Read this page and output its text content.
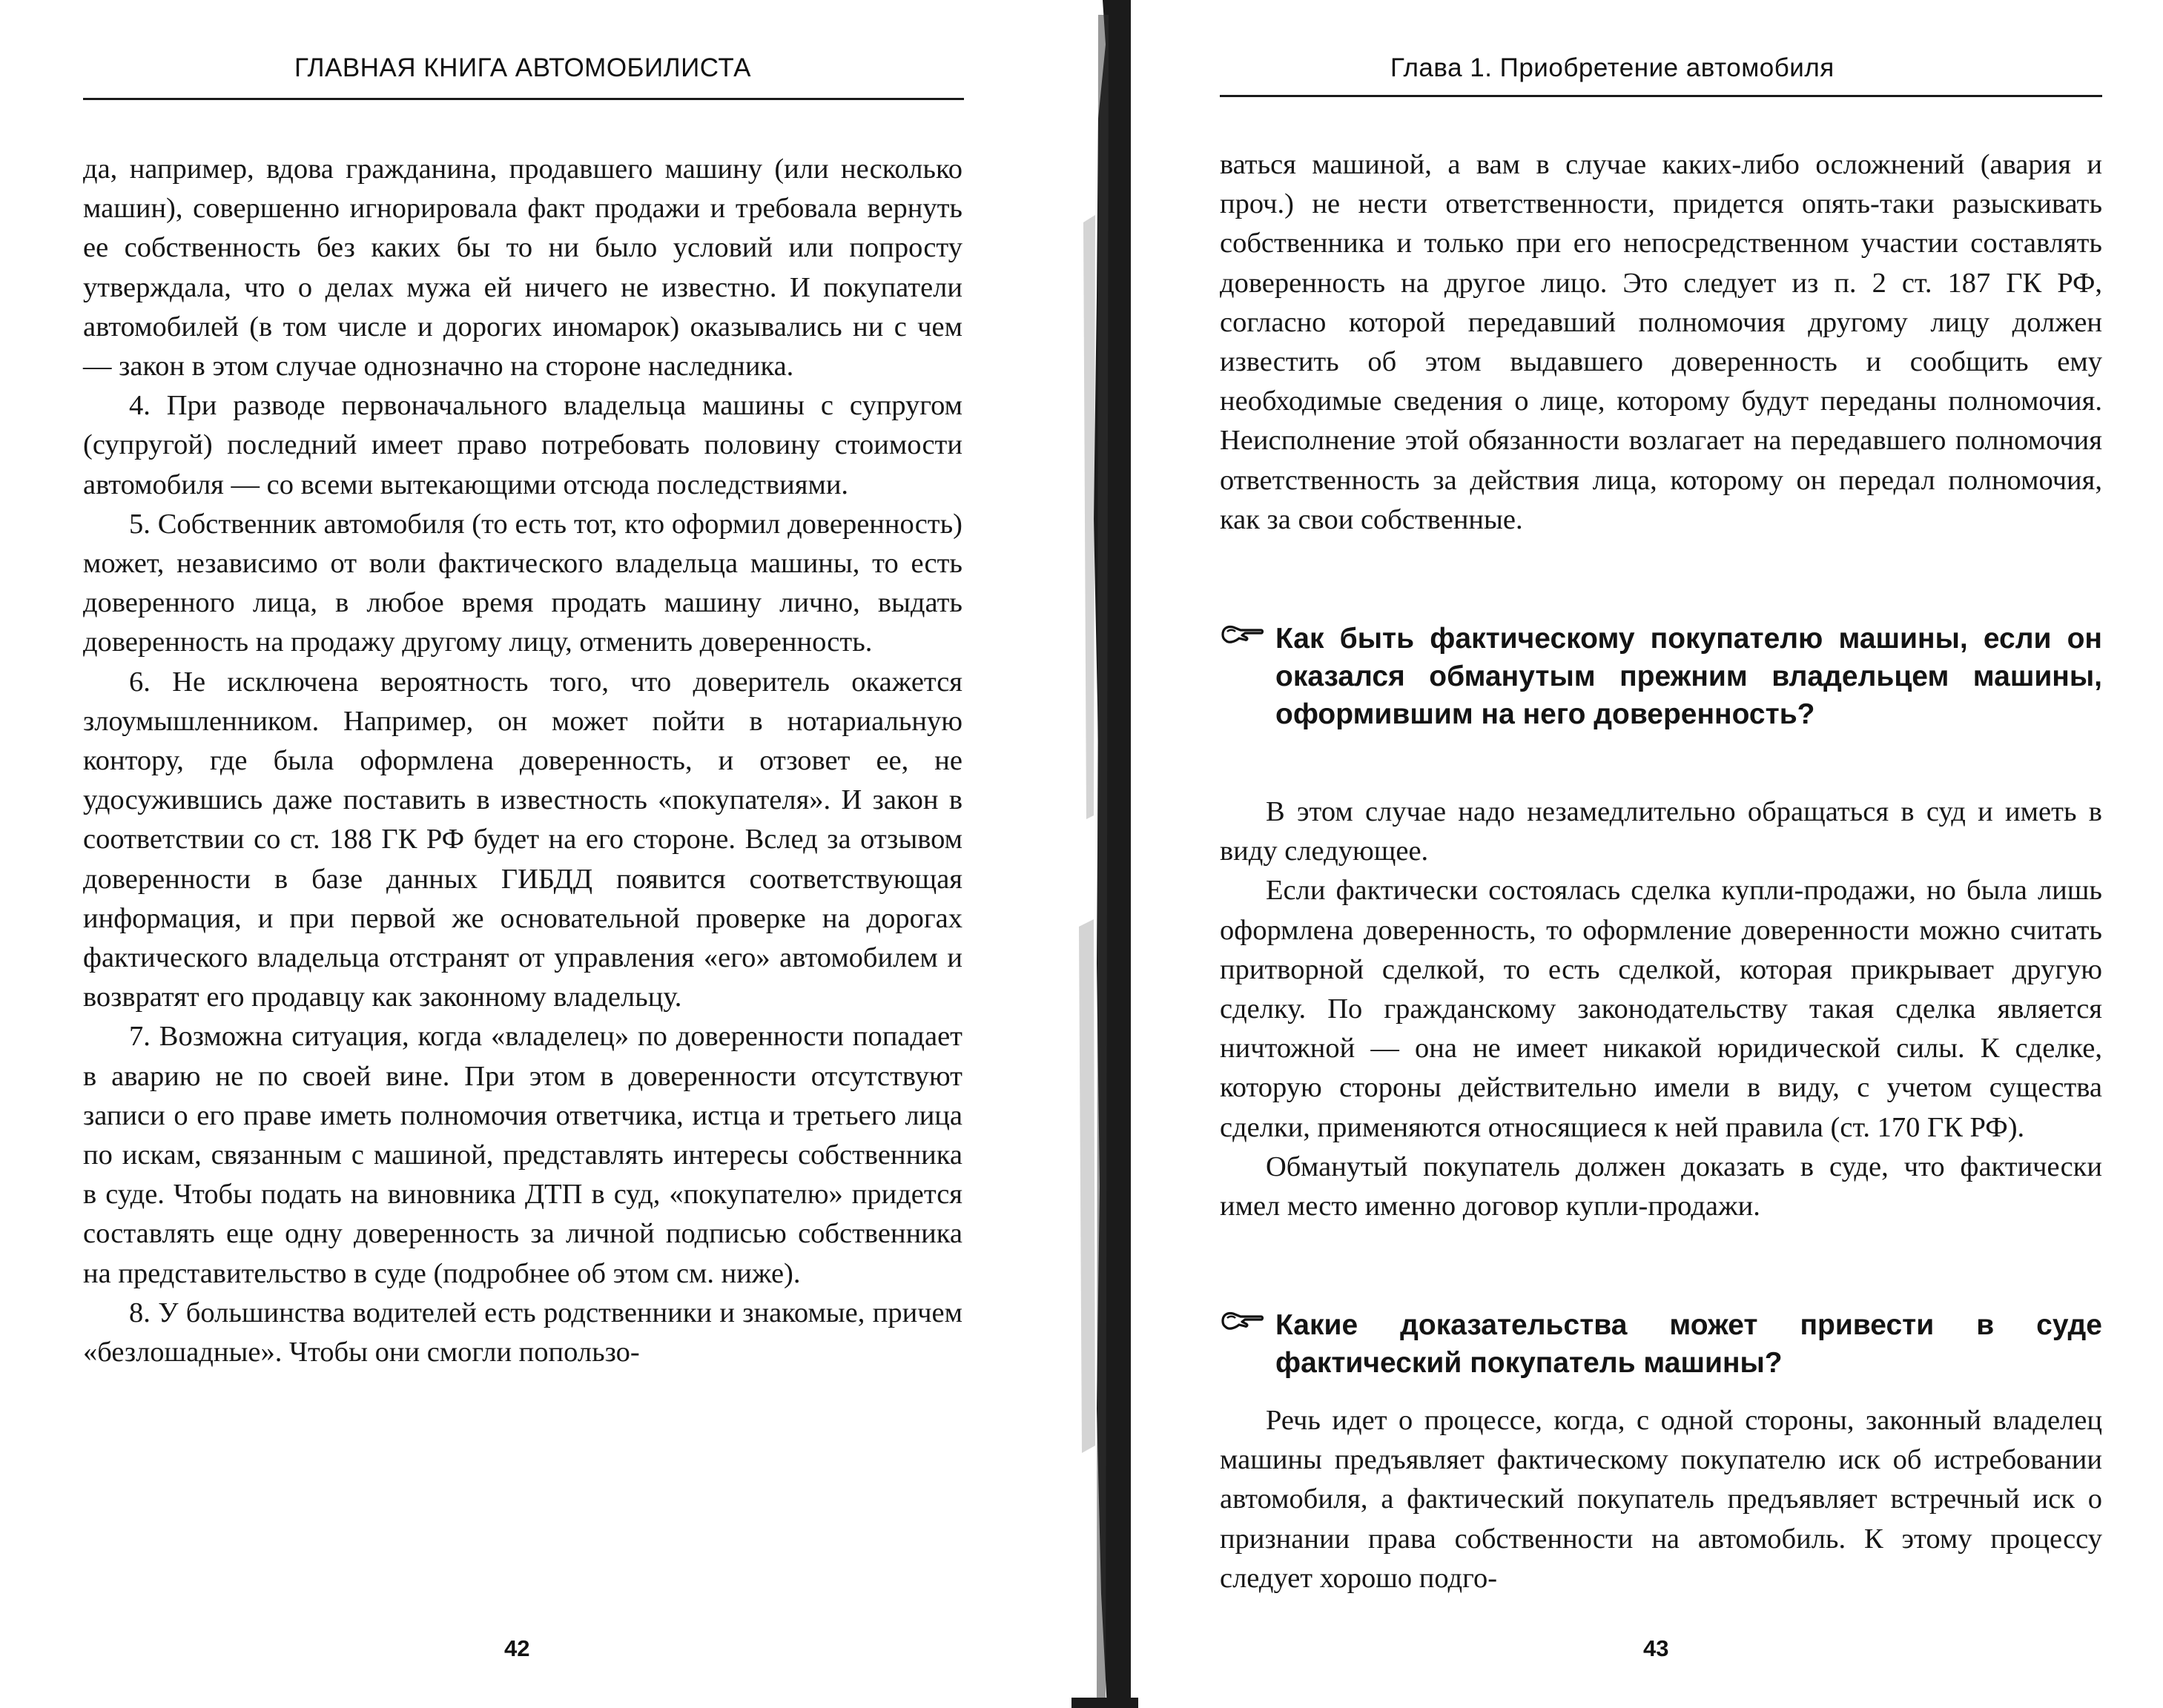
ГЛАВНАЯ КНИГА АВТОМОБИЛИСТА

да, например, вдова гражданина, продавшего машину (или несколько машин), совершенно игнорировала факт продажи и требовала вернуть ее собственность без каких бы то ни было условий или попросту утверждала, что о делах мужа ей ничего не известно. И покупатели автомобилей (в том числе и дорогих иномарок) оказывались ни с чем — закон в этом случае однозначно на стороне наследника.

4. При разводе первоначального владельца машины с супругом (супругой) последний имеет право потребовать половину стоимости автомобиля — со всеми вытекающими отсюда последствиями.

5. Собственник автомобиля (то есть тот, кто оформил доверенность) может, независимо от воли фактического владельца машины, то есть доверенного лица, в любое время продать машину лично, выдать доверенность на продажу другому лицу, отменить доверенность.

6. Не исключена вероятность того, что доверитель окажется злоумышленником. Например, он может пойти в нотариальную контору, где была оформлена доверенность, и отзовет ее, не удосужившись даже поставить в известность «покупателя». И закон в соответствии со ст. 188 ГК РФ будет на его стороне. Вслед за отзывом доверенности в базе данных ГИБДД появится соответствующая информация, и при первой же основательной проверке на дорогах фактического владельца отстранят от управления «его» автомобилем и возвратят его продавцу как законному владельцу.

7. Возможна ситуация, когда «владелец» по доверенности попадает в аварию не по своей вине. При этом в доверенности отсутствуют записи о его праве иметь полномочия ответчика, истца и третьего лица по искам, связанным с машиной, представлять интересы собственника в суде. Чтобы подать на виновника ДТП в суд, «покупателю» придется составлять еще одну доверенность за личной подписью собственника на представительство в суде (подробнее об этом см. ниже).

8. У большинства водителей есть родственники и знакомые, причем «безлошадные». Чтобы они смогли попользо-

42
Глава 1. Приобретение автомобиля

ваться машиной, а вам в случае каких-либо осложнений (авария и проч.) не нести ответственности, придется опять-таки разыскивать собственника и только при его непосредственном участии составлять доверенность на другое лицо. Это следует из п. 2 ст. 187 ГК РФ, согласно которой передавший полномочия другому лицу должен известить об этом выдавшего доверенность и сообщить ему необходимые сведения о лице, которому будут переданы полномочия. Неисполнение этой обязанности возлагает на передавшего полномочия ответственность за действия лица, которому он передал полномочия, как за свои собственные.

Как быть фактическому покупателю машины, если он оказался обманутым прежним владельцем машины, оформившим на него доверенность?

В этом случае надо незамедлительно обращаться в суд и иметь в виду следующее.

Если фактически состоялась сделка купли-продажи, но была лишь оформлена доверенность, то оформление доверенности можно считать притворной сделкой, то есть сделкой, которая прикрывает другую сделку. По гражданскому законодательству такая сделка является ничтожной — она не имеет никакой юридической силы. К сделке, которую стороны действительно имели в виду, с учетом существа сделки, применяются относящиеся к ней правила (ст. 170 ГК РФ).

Обманутый покупатель должен доказать в суде, что фактически имел место именно договор купли-продажи.

Какие доказательства может привести в суде фактический покупатель машины?

Речь идет о процессе, когда, с одной стороны, законный владелец машины предъявляет фактическому покупателю иск об истребовании автомобиля, а фактический покупатель предъявляет встречный иск о признании права собственности на автомобиль. К этому процессу следует хорошо подго-

43
